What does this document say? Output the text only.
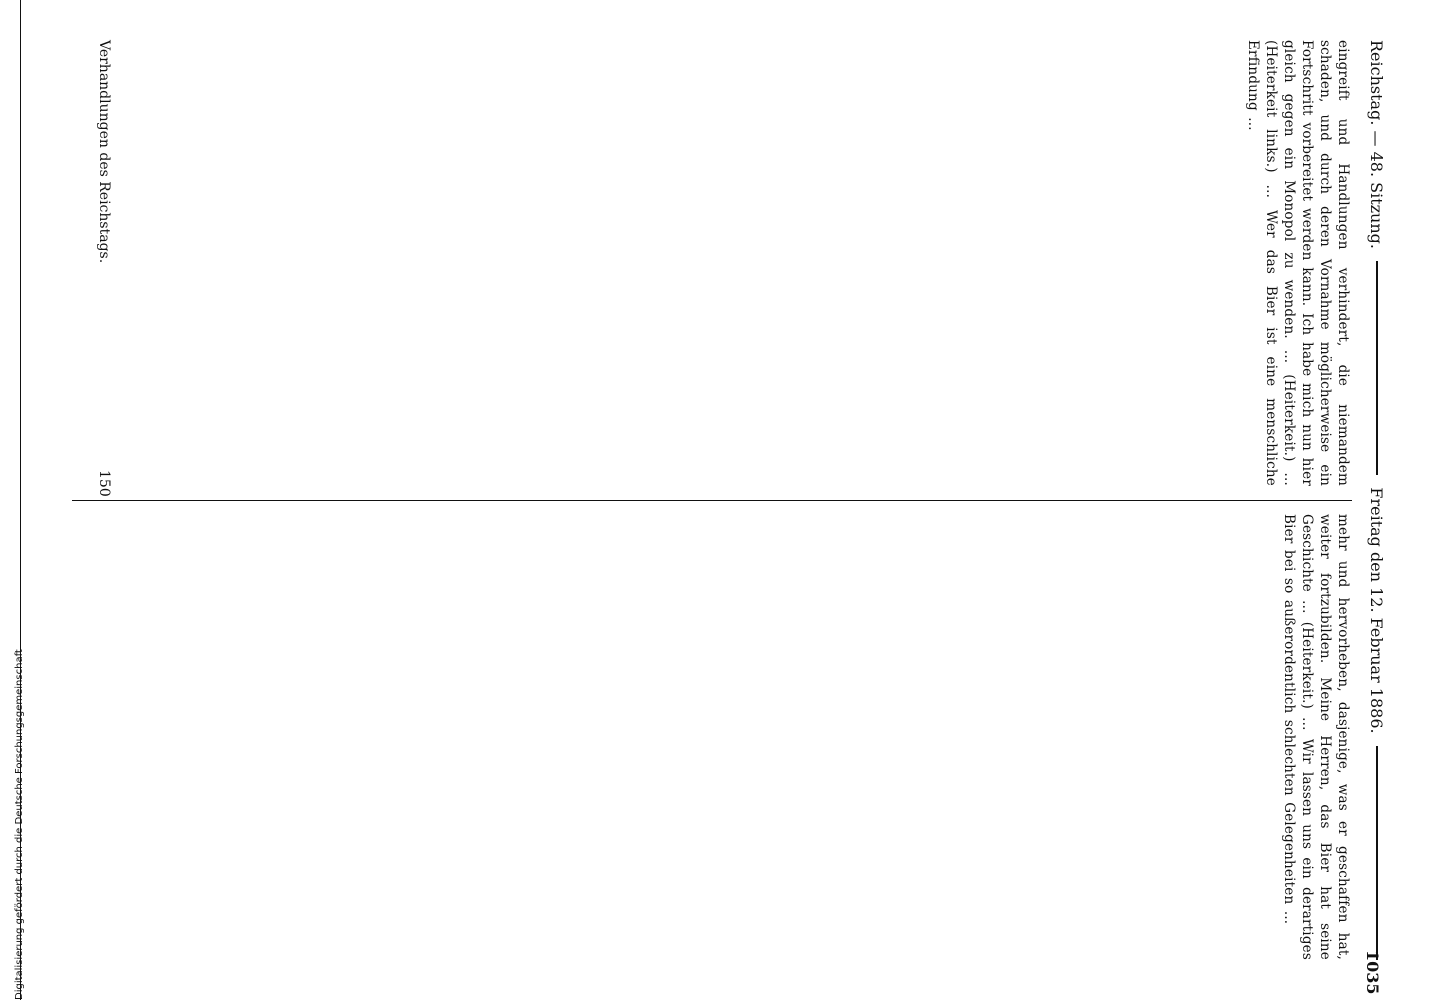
Digitalisierung gefördert durch die Deutsche Forschungsgemeinschaft
Reichstag. — 48. Sitzung.
Freitag den 12. Februar 1886.
1035
eingreift und Handlungen verhindert, die niemandem schaden, und durch deren Vornahme möglicherweise ein Fortschritt vorbereitet werden kann. Ich habe mich nun hier gleich gegen ein Monopol zu wenden. ... (Heiterkeit.) ... (Heiterkeit links.) ... Wer das Bier ist eine menschliche Erfindung ...
mehr und hervorheben, dasjenige, was er geschaffen hat, weiter fortzubilden. Meine Herren, das Bier hat seine Geschichte ... (Heiterkeit.) ... Wir lassen uns ein derartiges Bier bei so außerordentlich schlechten Gelegenheiten ...
150
Verhandlungen des Reichstags.
